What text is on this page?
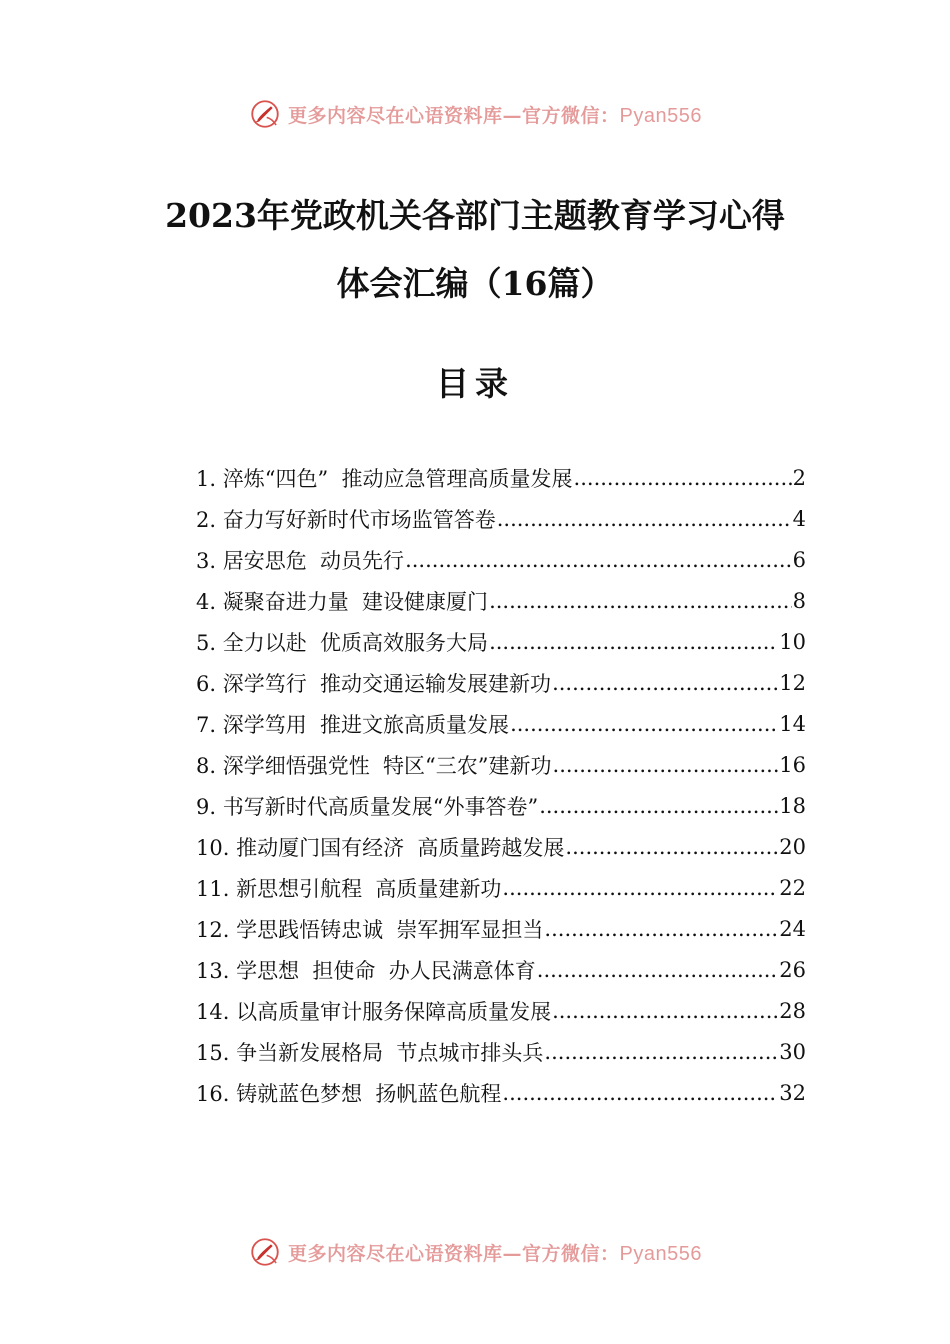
更多内容尽在心语资料库—官方微信：Pyan556
2023年党政机关各部门主题教育学习心得
体会汇编（16篇）
目录
1. 淬炼“四色”  推动应急管理高质量发展 .....	2
2. 奋力写好新时代市场监管答卷 .....	4
3. 居安思危  动员先行 .....	6
4. 凝聚奋进力量  建设健康厦门 .....	8
5. 全力以赴  优质高效服务大局 .....	10
6. 深学笃行  推动交通运输发展建新功 .....	12
7. 深学笃用  推进文旅高质量发展 .....	14
8. 深学细悟强党性  特区“三农”建新功 .....	16
9. 书写新时代高质量发展“外事答卷” .....	18
10. 推动厦门国有经济  高质量跨越发展 .....	20
11. 新思想引航程  高质量建新功 .....	22
12. 学思践悟铸忠诚  崇军拥军显担当 .....	24
13. 学思想  担使命  办人民满意体育 .....	26
14. 以高质量审计服务保障高质量发展 .....	28
15. 争当新发展格局  节点城市排头兵 .....	30
16. 铸就蓝色梦想  扬帆蓝色航程 .....	32
更多内容尽在心语资料库—官方微信：Pyan556
